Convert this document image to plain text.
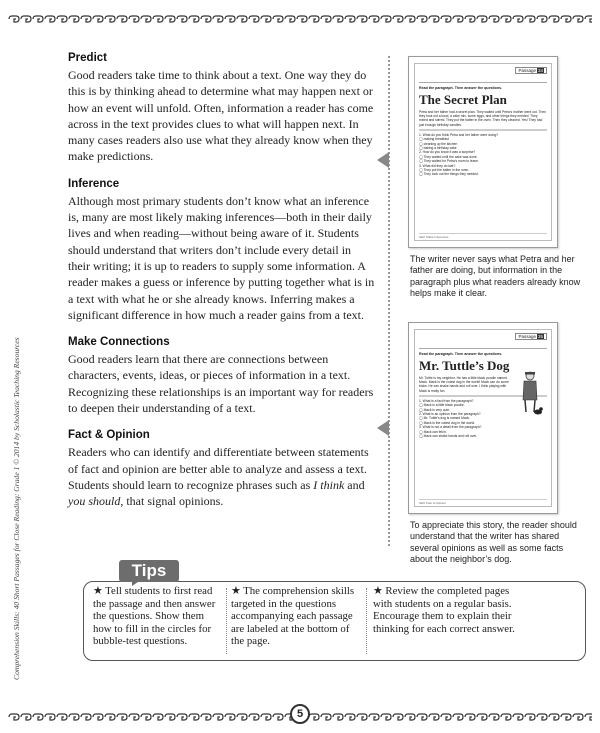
5
Comprehension Skills: 40 Short Passages for Close Reading: Grade 1 © 2014 by Scholastic Teaching Resources
Predict

Good readers take time to think about a text. One way they do this is by thinking ahead to determine what may happen next or how an event will unfold. Often, information a reader has come across in the text provides clues to what will happen next. In many cases readers also use what they already know when they make predictions.

Inference

Although most primary students don’t know what an inference is, many are most likely making inferences—both in their daily lives and when reading—without being aware of it. Students should understand that writers don’t include every detail in their writing; it is up to readers to supply some information. A reader makes a guess or inference by putting together what is in a text with what he or she already knows. Inferring makes a significant difference in how much a reader gains from a text.

Make Connections

Good readers learn that there are connections between characters, events, ideas, or pieces of information in a text. Recognizing these relationships is an important way for readers to deepen their understanding of a text.

Fact & Opinion

Readers who can identify and differentiate between statements of fact and opinion are better able to analyze and assess a text. Students should learn to recognize phrases such as I think and you should, that signal opinions.

Passage 34
Read the paragraph. Then answer the questions.
The Secret Plan
Petra and her father had a secret plan. They waited until Petra’s mother went out. Then they took out a bowl, a cake mix, some eggs, and other things they needed. They mixed and stirred. They put the batter in the oven. Then they cleaned. Yes! They had just enough birthday candles.
1. What do you think Petra and her father were doing?
◯ making breakfast
◯ cleaning up the kitchen
◯ baking a birthday cake
2. How do you know it was a surprise?
◯ They waited until the cake was done.
◯ They waited for Petra’s mom to leave.
3. What did they do last?
◯ They put the batter in the oven.
◯ They took out the things they needed.
Skill: Make Inferences

The writer never says what Petra and her father are doing, but information in the paragraph plus what readers already know helps make it clear.

Passage 35
Read the paragraph. Then answer the questions.
Mr. Tuttle’s Dog
Mr. Tuttle is my neighbor. He has a little black poodle named Mack. Mack is the cutest dog in the world! Mack can do some tricks. He can shake hands and roll over. I think playing with Mack is really fun.
1. What is a fact from the paragraph?
◯ Mack is a little black poodle.
◯ Mack is very cute.
2. What is an opinion from the paragraph?
◯ Mr. Tuttle’s dog is named Mack.
◯ Mack is the cutest dog in the world.
3. What is not a detail from the paragraph?
◯ Mack can fetch.
◯ Mack can shake hands and roll over.
Skill: Fact & Opinion

To appreciate this story, the reader should understand that the writer has shared several opinions as well as some facts about the neighbor’s dog.

Tips
★ Tell students to first read the passage and then answer the questions. Show them how to fill in the circles for bubble-test questions.
★ The comprehension skills targeted in the questions accompanying each passage are labeled at the bottom of the page.
★ Review the completed pages with students on a regular basis. Encourage them to explain their thinking for each correct answer.
